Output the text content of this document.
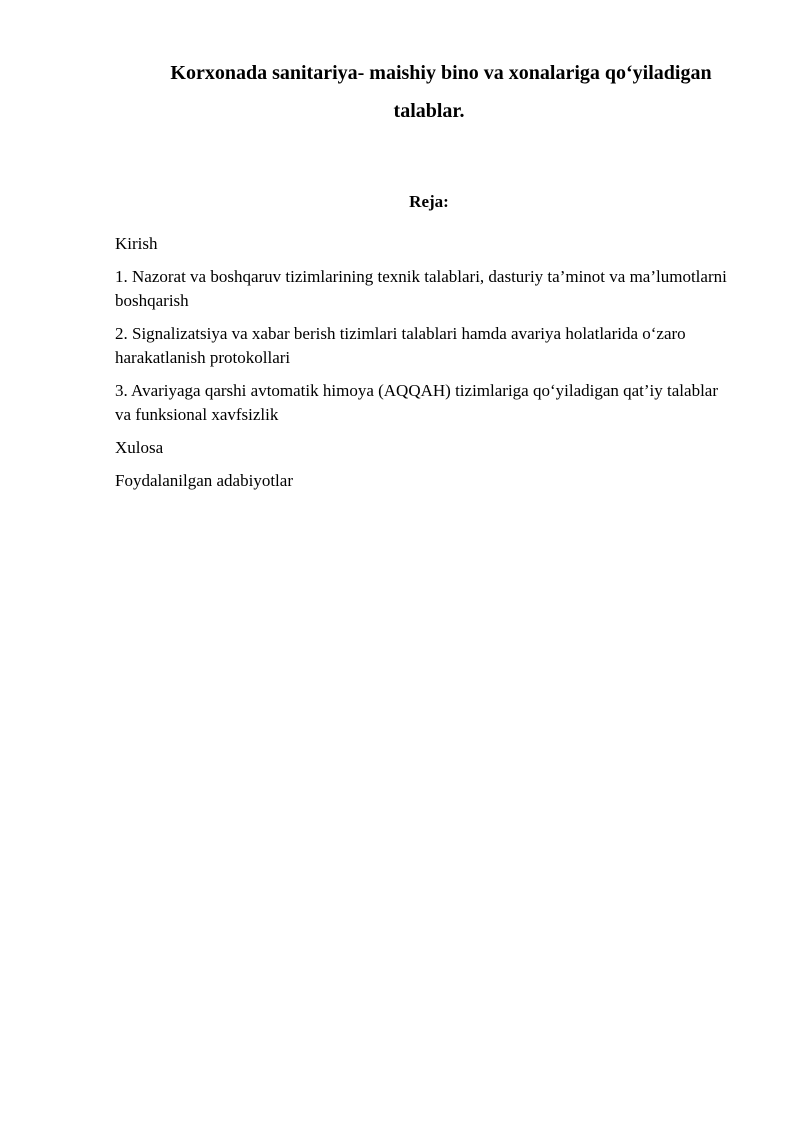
Korxonada sanitariya- maishiy bino va xonalariga qo‘yiladigan talablar.
Reja:
Kirish
1. Nazorat va boshqaruv tizimlarining texnik talablari, dasturiy ta’minot va ma’lumotlarni boshqarish
2. Signalizatsiya va xabar berish tizimlari talablari hamda avariya holatlarida o‘zaro harakatlanish protokollari
3. Avariyaga qarshi avtomatik himoya (AQQAH) tizimlariga qo‘yiladigan qat’iy talablar va funksional xavfsizlik
Xulosa
Foydalanilgan adabiyotlar
